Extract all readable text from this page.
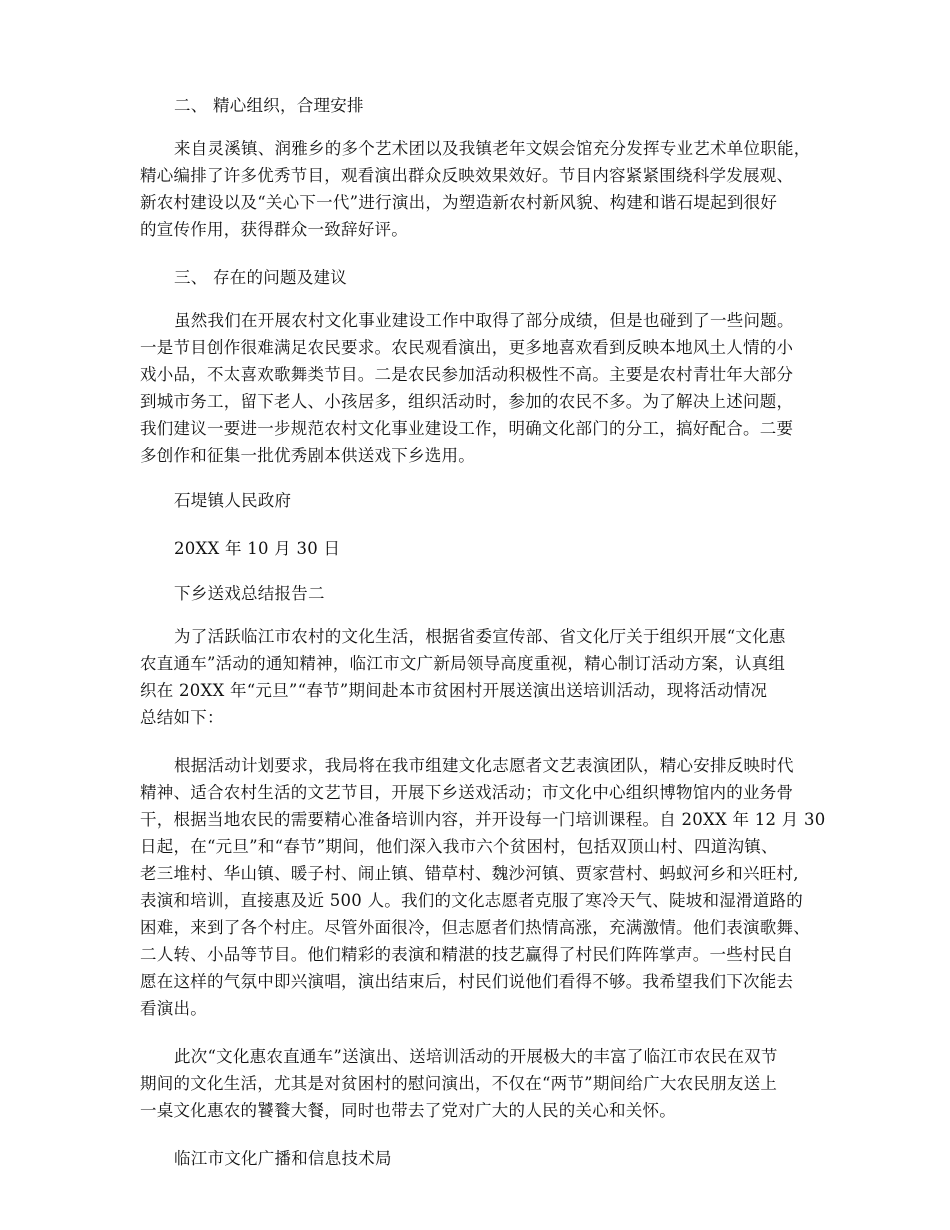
二、 精心组织，合理安排

来自灵溪镇、润雅乡的多个艺术团以及我镇老年文娱会馆充分发挥专业艺术单位职能，
精心编排了许多优秀节目，观看演出群众反映效果效好。节目内容紧紧围绕科学发展观、
新农村建设以及“关心下一代”进行演出，为塑造新农村新风貌、构建和谐石堤起到很好
的宣传作用，获得群众一致辞好评。

三、 存在的问题及建议

虽然我们在开展农村文化事业建设工作中取得了部分成绩，但是也碰到了一些问题。
一是节目创作很难满足农民要求。农民观看演出，更多地喜欢看到反映本地风土人情的小
戏小品，不太喜欢歌舞类节目。二是农民参加活动积极性不高。主要是农村青壮年大部分
到城市务工，留下老人、小孩居多，组织活动时，参加的农民不多。为了解决上述问题，
我们建议一要进一步规范农村文化事业建设工作，明确文化部门的分工，搞好配合。二要
多创作和征集一批优秀剧本供送戏下乡选用。

石堤镇人民政府

20XX 年 10 月 30 日

下乡送戏总结报告二

为了活跃临江市农村的文化生活，根据省委宣传部、省文化厅关于组织开展“文化惠
农直通车”活动的通知精神，临江市文广新局领导高度重视，精心制订活动方案，认真组
织在 20XX 年“元旦”“春节”期间赴本市贫困村开展送演出送培训活动，现将活动情况
总结如下：

根据活动计划要求，我局将在我市组建文化志愿者文艺表演团队，精心安排反映时代
精神、适合农村生活的文艺节目，开展下乡送戏活动；市文化中心组织博物馆内的业务骨
干，根据当地农民的需要精心准备培训内容，并开设每一门培训课程。自 20XX 年 12 月 30
日起，在“元旦”和“春节”期间，他们深入我市六个贫困村，包括双顶山村、四道沟镇、
老三堆村、华山镇、暖子村、闹止镇、错草村、魏沙河镇、贾家营村、蚂蚁河乡和兴旺村,
表演和培训，直接惠及近 500 人。我们的文化志愿者克服了寒冷天气、陡坡和湿滑道路的
困难，来到了各个村庄。尽管外面很冷，但志愿者们热情高涨，充满激情。他们表演歌舞、
二人转、小品等节目。他们精彩的表演和精湛的技艺赢得了村民们阵阵掌声。一些村民自
愿在这样的气氛中即兴演唱，演出结束后，村民们说他们看得不够。我希望我们下次能去
看演出。

此次“文化惠农直通车”送演出、送培训活动的开展极大的丰富了临江市农民在双节
期间的文化生活，尤其是对贫困村的慰问演出，不仅在“两节”期间给广大农民朋友送上
一桌文化惠农的饕餮大餐，同时也带去了党对广大的人民的关心和关怀。

临江市文化广播和信息技术局
